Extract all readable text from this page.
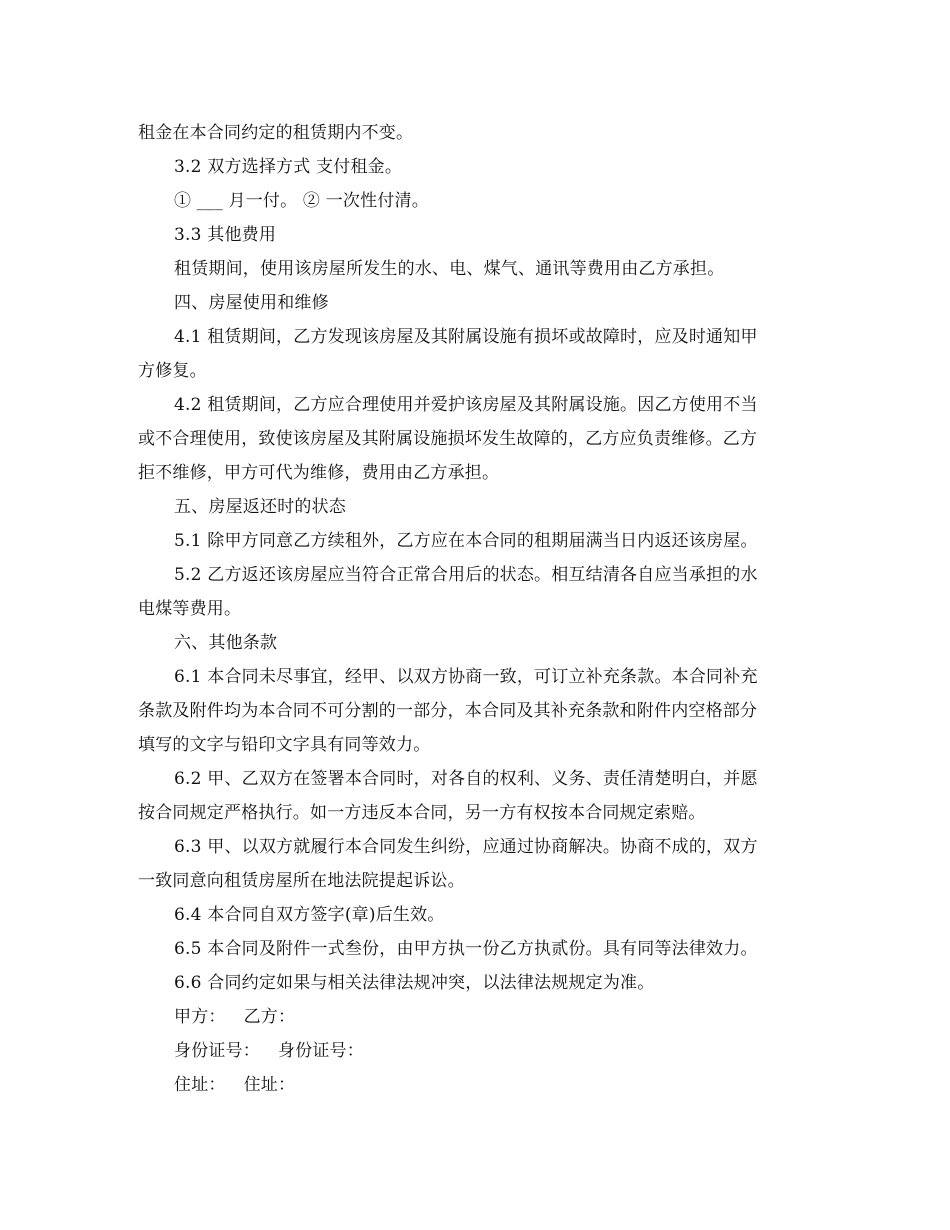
租金在本合同约定的租赁期内不变。
3.2 双方选择方式 支付租金。
① ___ 月一付。 ② 一次性付清。
3.3 其他费用
租赁期间，使用该房屋所发生的水、电、煤气、通讯等费用由乙方承担。
四、房屋使用和维修
4.1 租赁期间，乙方发现该房屋及其附属设施有损坏或故障时，应及时通知甲
方修复。
4.2 租赁期间，乙方应合理使用并爱护该房屋及其附属设施。因乙方使用不当
或不合理使用，致使该房屋及其附属设施损坏发生故障的，乙方应负责维修。乙方
拒不维修，甲方可代为维修，费用由乙方承担。
五、房屋返还时的状态
5.1 除甲方同意乙方续租外，乙方应在本合同的租期届满当日内返还该房屋。
5.2 乙方返还该房屋应当符合正常合用后的状态。相互结清各自应当承担的水
电煤等费用。
六、其他条款
6.1 本合同未尽事宜，经甲、以双方协商一致，可订立补充条款。本合同补充
条款及附件均为本合同不可分割的一部分，本合同及其补充条款和附件内空格部分
填写的文字与铅印文字具有同等效力。
6.2 甲、乙双方在签署本合同时，对各自的权利、义务、责任清楚明白，并愿
按合同规定严格执行。如一方违反本合同，另一方有权按本合同规定索赔。
6.3 甲、以双方就履行本合同发生纠纷，应通过协商解决。协商不成的，双方
一致同意向租赁房屋所在地法院提起诉讼。
6.4 本合同自双方签字(章)后生效。
6.5 本合同及附件一式叁份，由甲方执一份乙方执贰份。具有同等法律效力。
6.6 合同约定如果与相关法律法规冲突，以法律法规规定为准。
甲方： 乙方：
身份证号： 身份证号：
住址： 住址：
